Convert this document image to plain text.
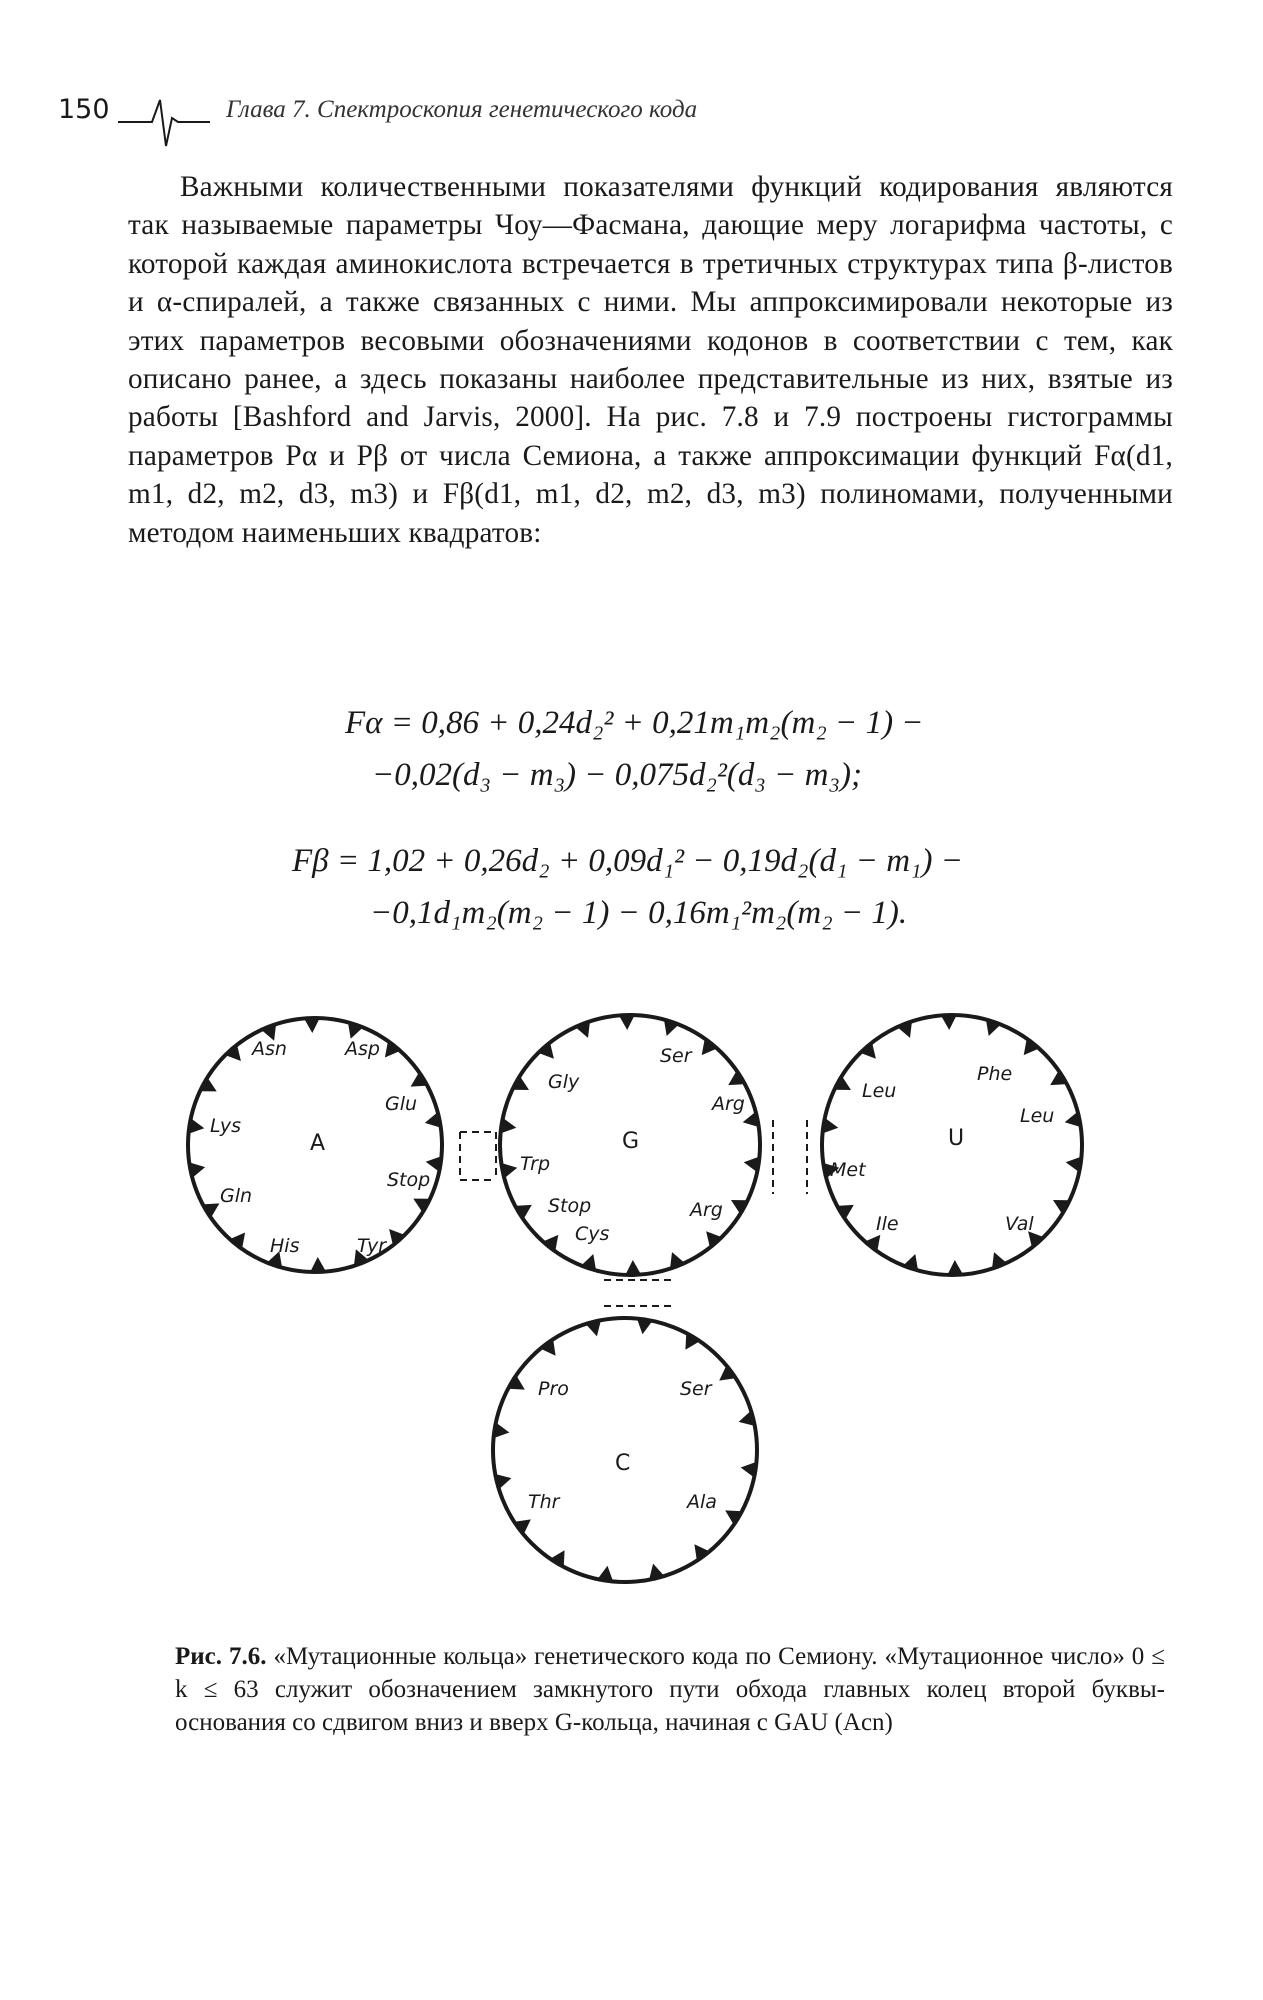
150	Глава 7. Спектроскопия генетического кода

Важными количественными показателями функций кодирования являются так называемые параметры Чоу—Фасмана, дающие меру логарифма частоты, с которой каждая аминокислота встречается в третичных структурах типа β-листов и α-спиралей, а также связанных с ними. Мы аппроксимировали некоторые из этих параметров весовыми обозначениями кодонов в соответствии с тем, как описано ранее, а здесь показаны наиболее представительные из них, взятые из работы [Bashford and Jarvis, 2000]. На рис. 7.8 и 7.9 построены гистограммы параметров Pα и Pβ от числа Семиона, а также аппроксимации функций Fα(d1, m1, d2, m2, d3, m3) и Fβ(d1, m1, d2, m2, d3, m3) полиномами, полученными методом наименьших квадратов:

Fα = 0,86 + 0,24d₂² + 0,21m₁m₂(m₂ − 1) −
−0,02(d₃ − m₃) − 0,075d₂²(d₃ − m₃);
Fβ = 1,02 + 0,26d₂ + 0,09d₁² − 0,19d₂(d₁ − m₁) −
−0,1d₁m₂(m₂ − 1) − 0,16m₁²m₂(m₂ − 1).
A
Asn	Asp
Glu
Lys
Stop
Gln
His	Tyr
G
Gly
Ser
Arg
Trp
Stop
Cys
Arg
U
Leu
Phe
Leu
Met
Ile	Val
C
Pro	Ser
Thr	Ala
Рис. 7.6. «Мутационные кольца» генетического кода по Семиону. «Мутационное число» 0 ≤ k ≤ 63 служит обозначением замкнутого пути обхода главных колец второй буквы-основания со сдвигом вниз и вверх G-кольца, начиная с GAU (Acn)
